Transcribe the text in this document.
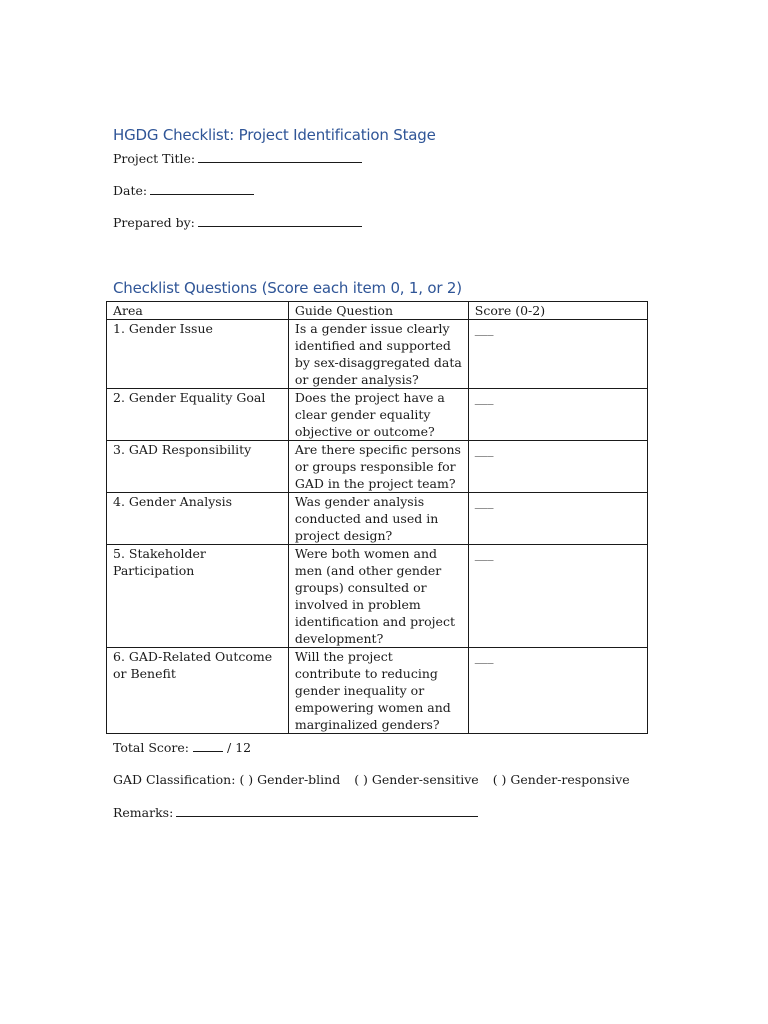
HGDG Checklist: Project Identification Stage
Project Title:
Date:
Prepared by:
Checklist Questions (Score each item 0, 1, or 2)
Area	Guide Question	Score (0-2)
1. Gender Issue	Is a gender issue clearly identified and supported by sex-disaggregated data or gender analysis?	___
2. Gender Equality Goal	Does the project have a clear gender equality objective or outcome?	___
3. GAD Responsibility	Are there specific persons or groups responsible for GAD in the project team?	___
4. Gender Analysis	Was gender analysis conducted and used in project design?	___
5. Stakeholder Participation	Were both women and men (and other gender groups) consulted or involved in problem identification and project development?	___
6. GAD-Related Outcome or Benefit	Will the project contribute to reducing gender inequality or empowering women and marginalized genders?	___
Total Score:	/ 12
GAD Classification: ( ) Gender-blind ( ) Gender-sensitive ( ) Gender-responsive
Remarks:
